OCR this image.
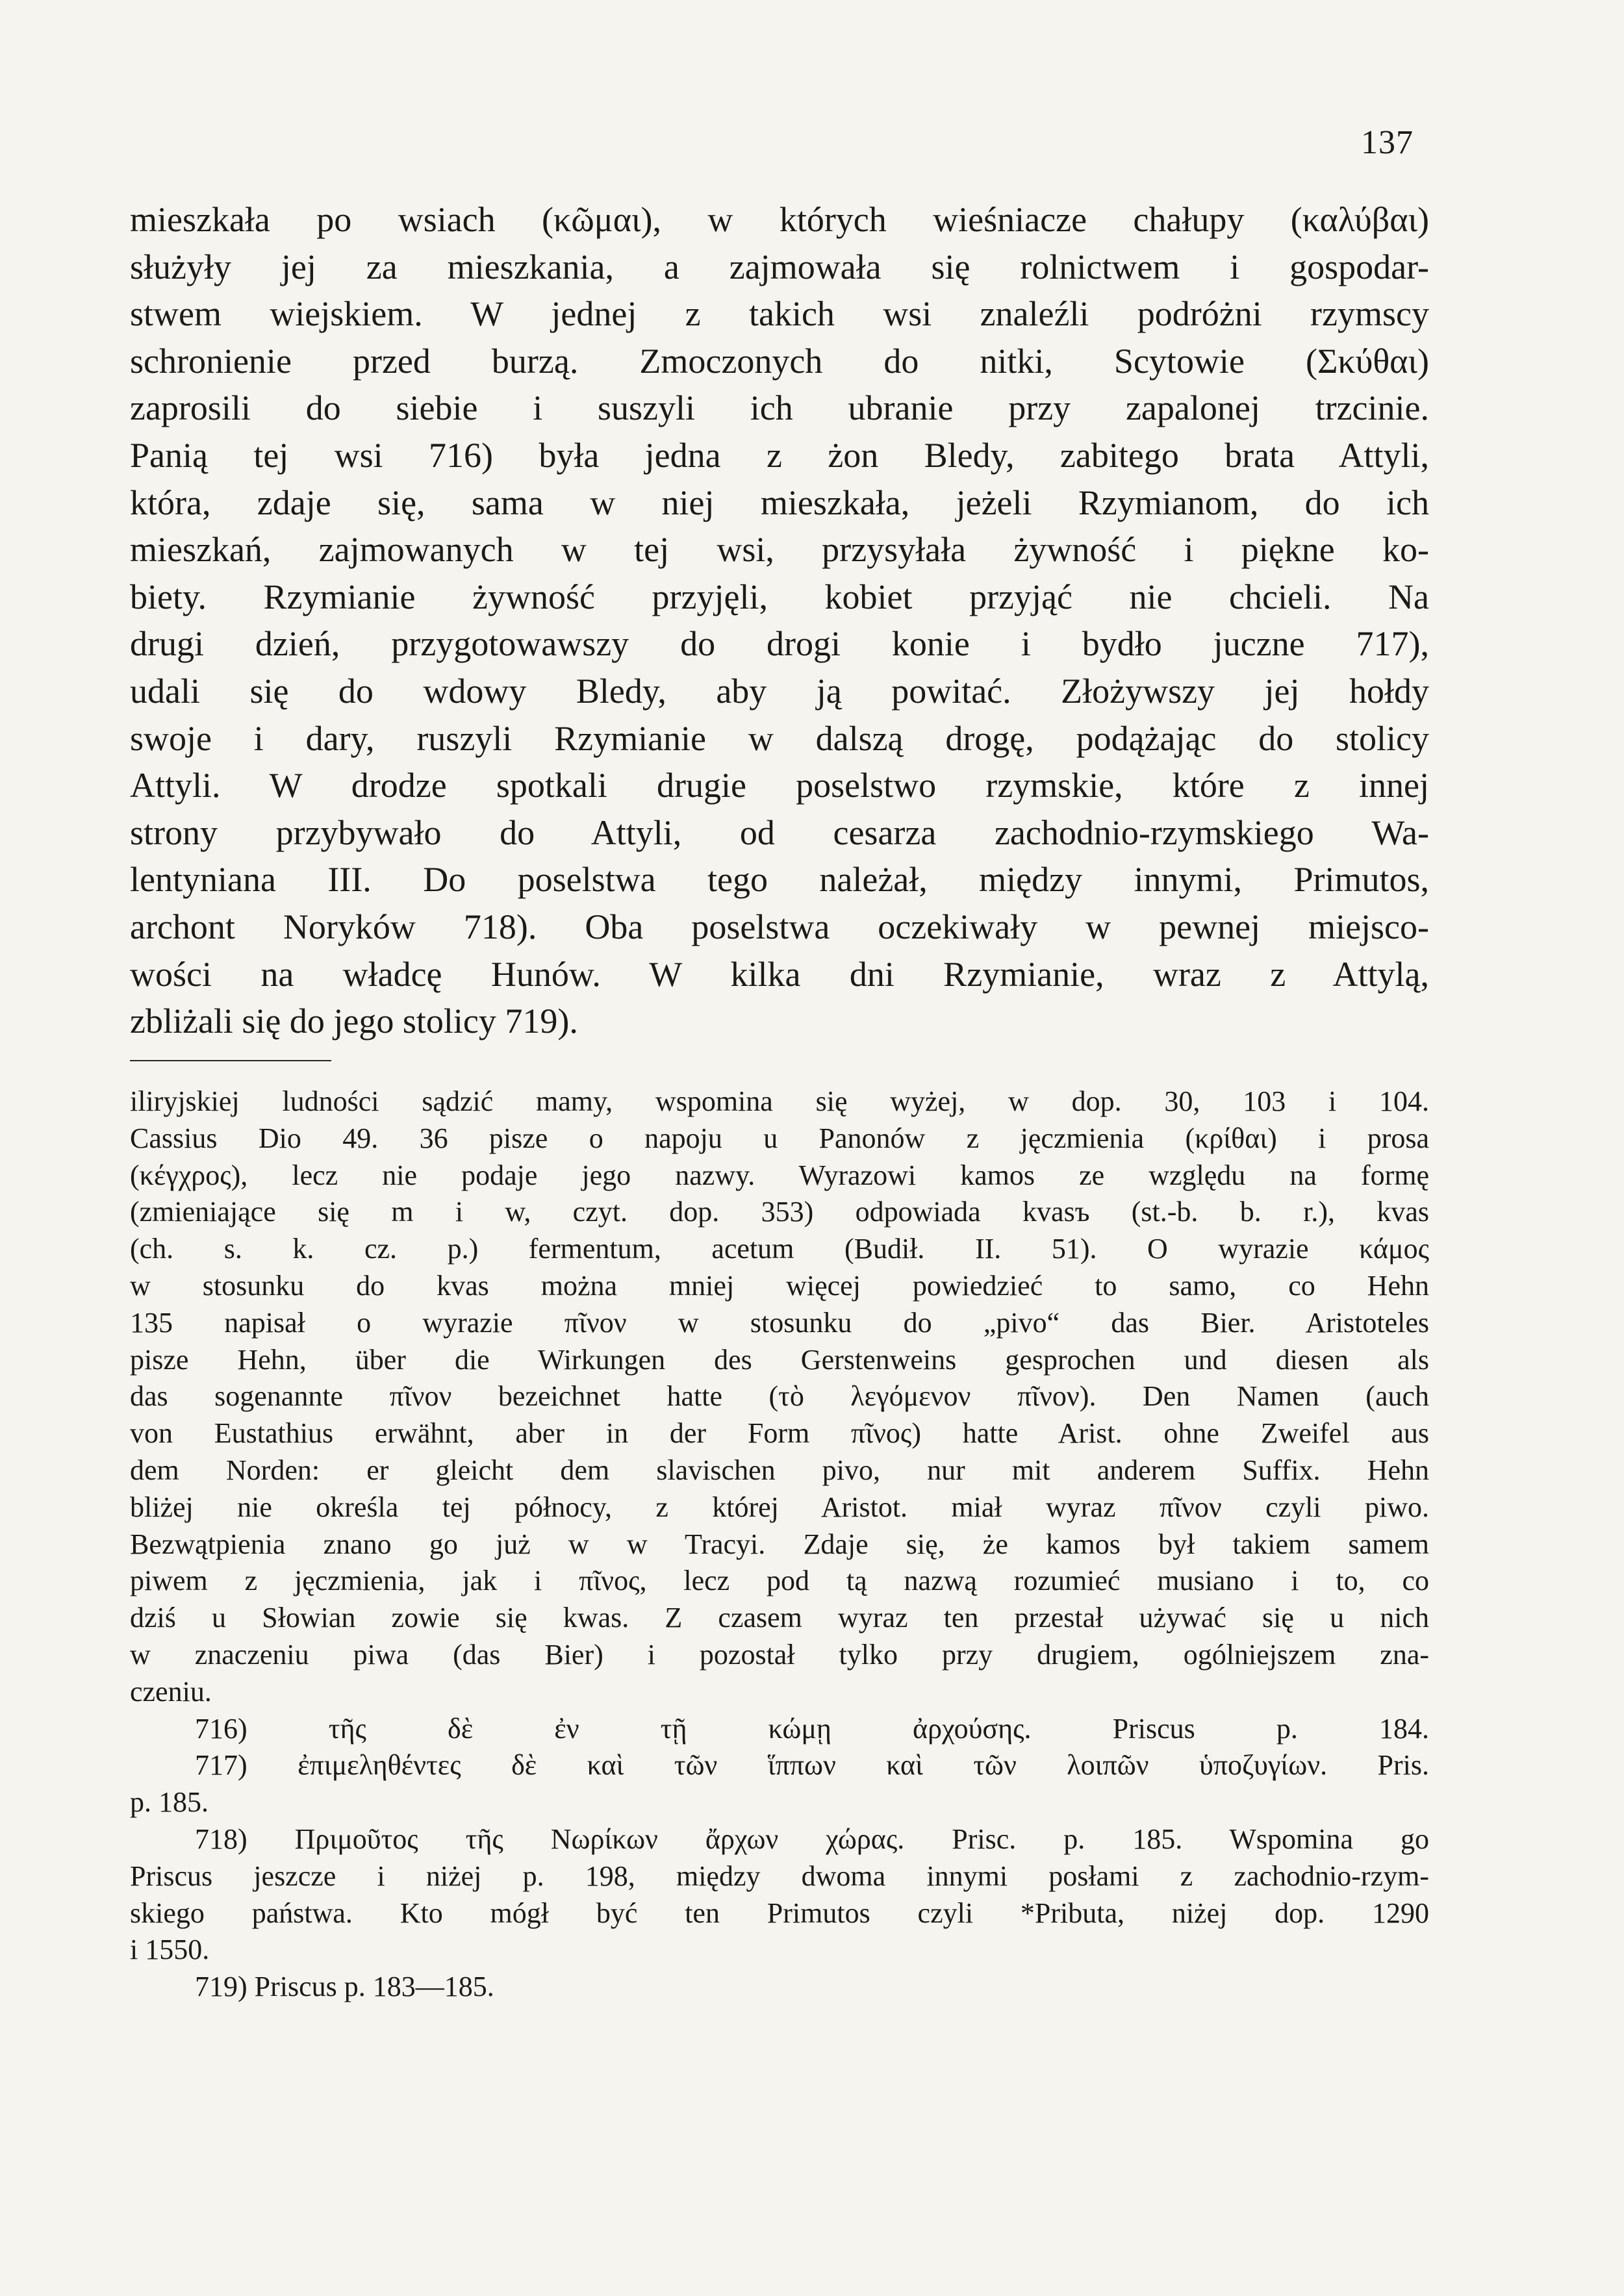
137
mieszkała po wsiach (κῶμαι), w których wieśniacze chałupy (καλύβαι)
służyły jej za mieszkania, a zajmowała się rolnictwem i gospodar-
stwem wiejskiem. W jednej z takich wsi znaleźli podróżni rzymscy
schronienie przed burzą. Zmoczonych do nitki, Scytowie (Σκύθαι)
zaprosili do siebie i suszyli ich ubranie przy zapalonej trzcinie.
Panią tej wsi 716) była jedna z żon Bledy, zabitego brata Attyli,
która, zdaje się, sama w niej mieszkała, jeżeli Rzymianom, do ich
mieszkań, zajmowanych w tej wsi, przysyłała żywność i piękne ko-
biety. Rzymianie żywność przyjęli, kobiet przyjąć nie chcieli. Na
drugi dzień, przygotowawszy do drogi konie i bydło juczne 717),
udali się do wdowy Bledy, aby ją powitać. Złożywszy jej hołdy
swoje i dary, ruszyli Rzymianie w dalszą drogę, podążając do stolicy
Attyli. W drodze spotkali drugie poselstwo rzymskie, które z innej
strony przybywało do Attyli, od cesarza zachodnio-rzymskiego Wa-
lentyniana III. Do poselstwa tego należał, między innymi, Primutos,
archont Noryków 718). Oba poselstwa oczekiwały w pewnej miejsco-
wości na władcę Hunów. W kilka dni Rzymianie, wraz z Attylą,
zbliżali się do jego stolicy 719).
iliryjskiej ludności sądzić mamy, wspomina się wyżej, w dop. 30, 103 i 104.
Cassius Dio 49. 36 pisze o napoju u Panonów z jęczmienia (κρίθαι) i prosa
(κέγχρος), lecz nie podaje jego nazwy. Wyrazowi kamos ze względu na formę
(zmieniające się m i w, czyt. dop. 353) odpowiada kvasъ (st.-b. b. r.), kvas
(ch. s. k. cz. p.) fermentum, acetum (Budił. II. 51). O wyrazie κάμος
w stosunku do kvas można mniej więcej powiedzieć to samo, co Hehn
135 napisał o wyrazie πῖνον w stosunku do „pivo“ das Bier. Aristoteles
pisze Hehn, über die Wirkungen des Gerstenweins gesprochen und diesen als
das sogenannte πῖνον bezeichnet hatte (τὸ λεγόμενον πῖνον). Den Namen (auch
von Eustathius erwähnt, aber in der Form πῖνος) hatte Arist. ohne Zweifel aus
dem Norden: er gleicht dem slavischen pivo, nur mit anderem Suffix. Hehn
bliżej nie określa tej północy, z której Aristot. miał wyraz πῖνον czyli piwo.
Bezwątpienia znano go już w w Tracyi. Zdaje się, że kamos był takiem samem
piwem z jęczmienia, jak i πῖνος, lecz pod tą nazwą rozumieć musiano i to, co
dziś u Słowian zowie się kwas. Z czasem wyraz ten przestał używać się u nich
w znaczeniu piwa (das Bier) i pozostał tylko przy drugiem, ogólniejszem zna-
czeniu.
716) τῆς δὲ ἐν τῇ κώμῃ ἀρχούσης. Priscus p. 184.
717) ἐπιμεληθέντες δὲ καὶ τῶν ἵππων καὶ τῶν λοιπῶν ὑποζυγίων. Pris.
p. 185.
718) Πριμοῦτος τῆς Νωρίκων ἄρχων χώρας. Prisc. p. 185. Wspomina go
Priscus jeszcze i niżej p. 198, między dwoma innymi posłami z zachodnio-rzym-
skiego państwa. Kto mógł być ten Primutos czyli *Pributa, niżej dop. 1290
i 1550.
719) Priscus p. 183—185.
